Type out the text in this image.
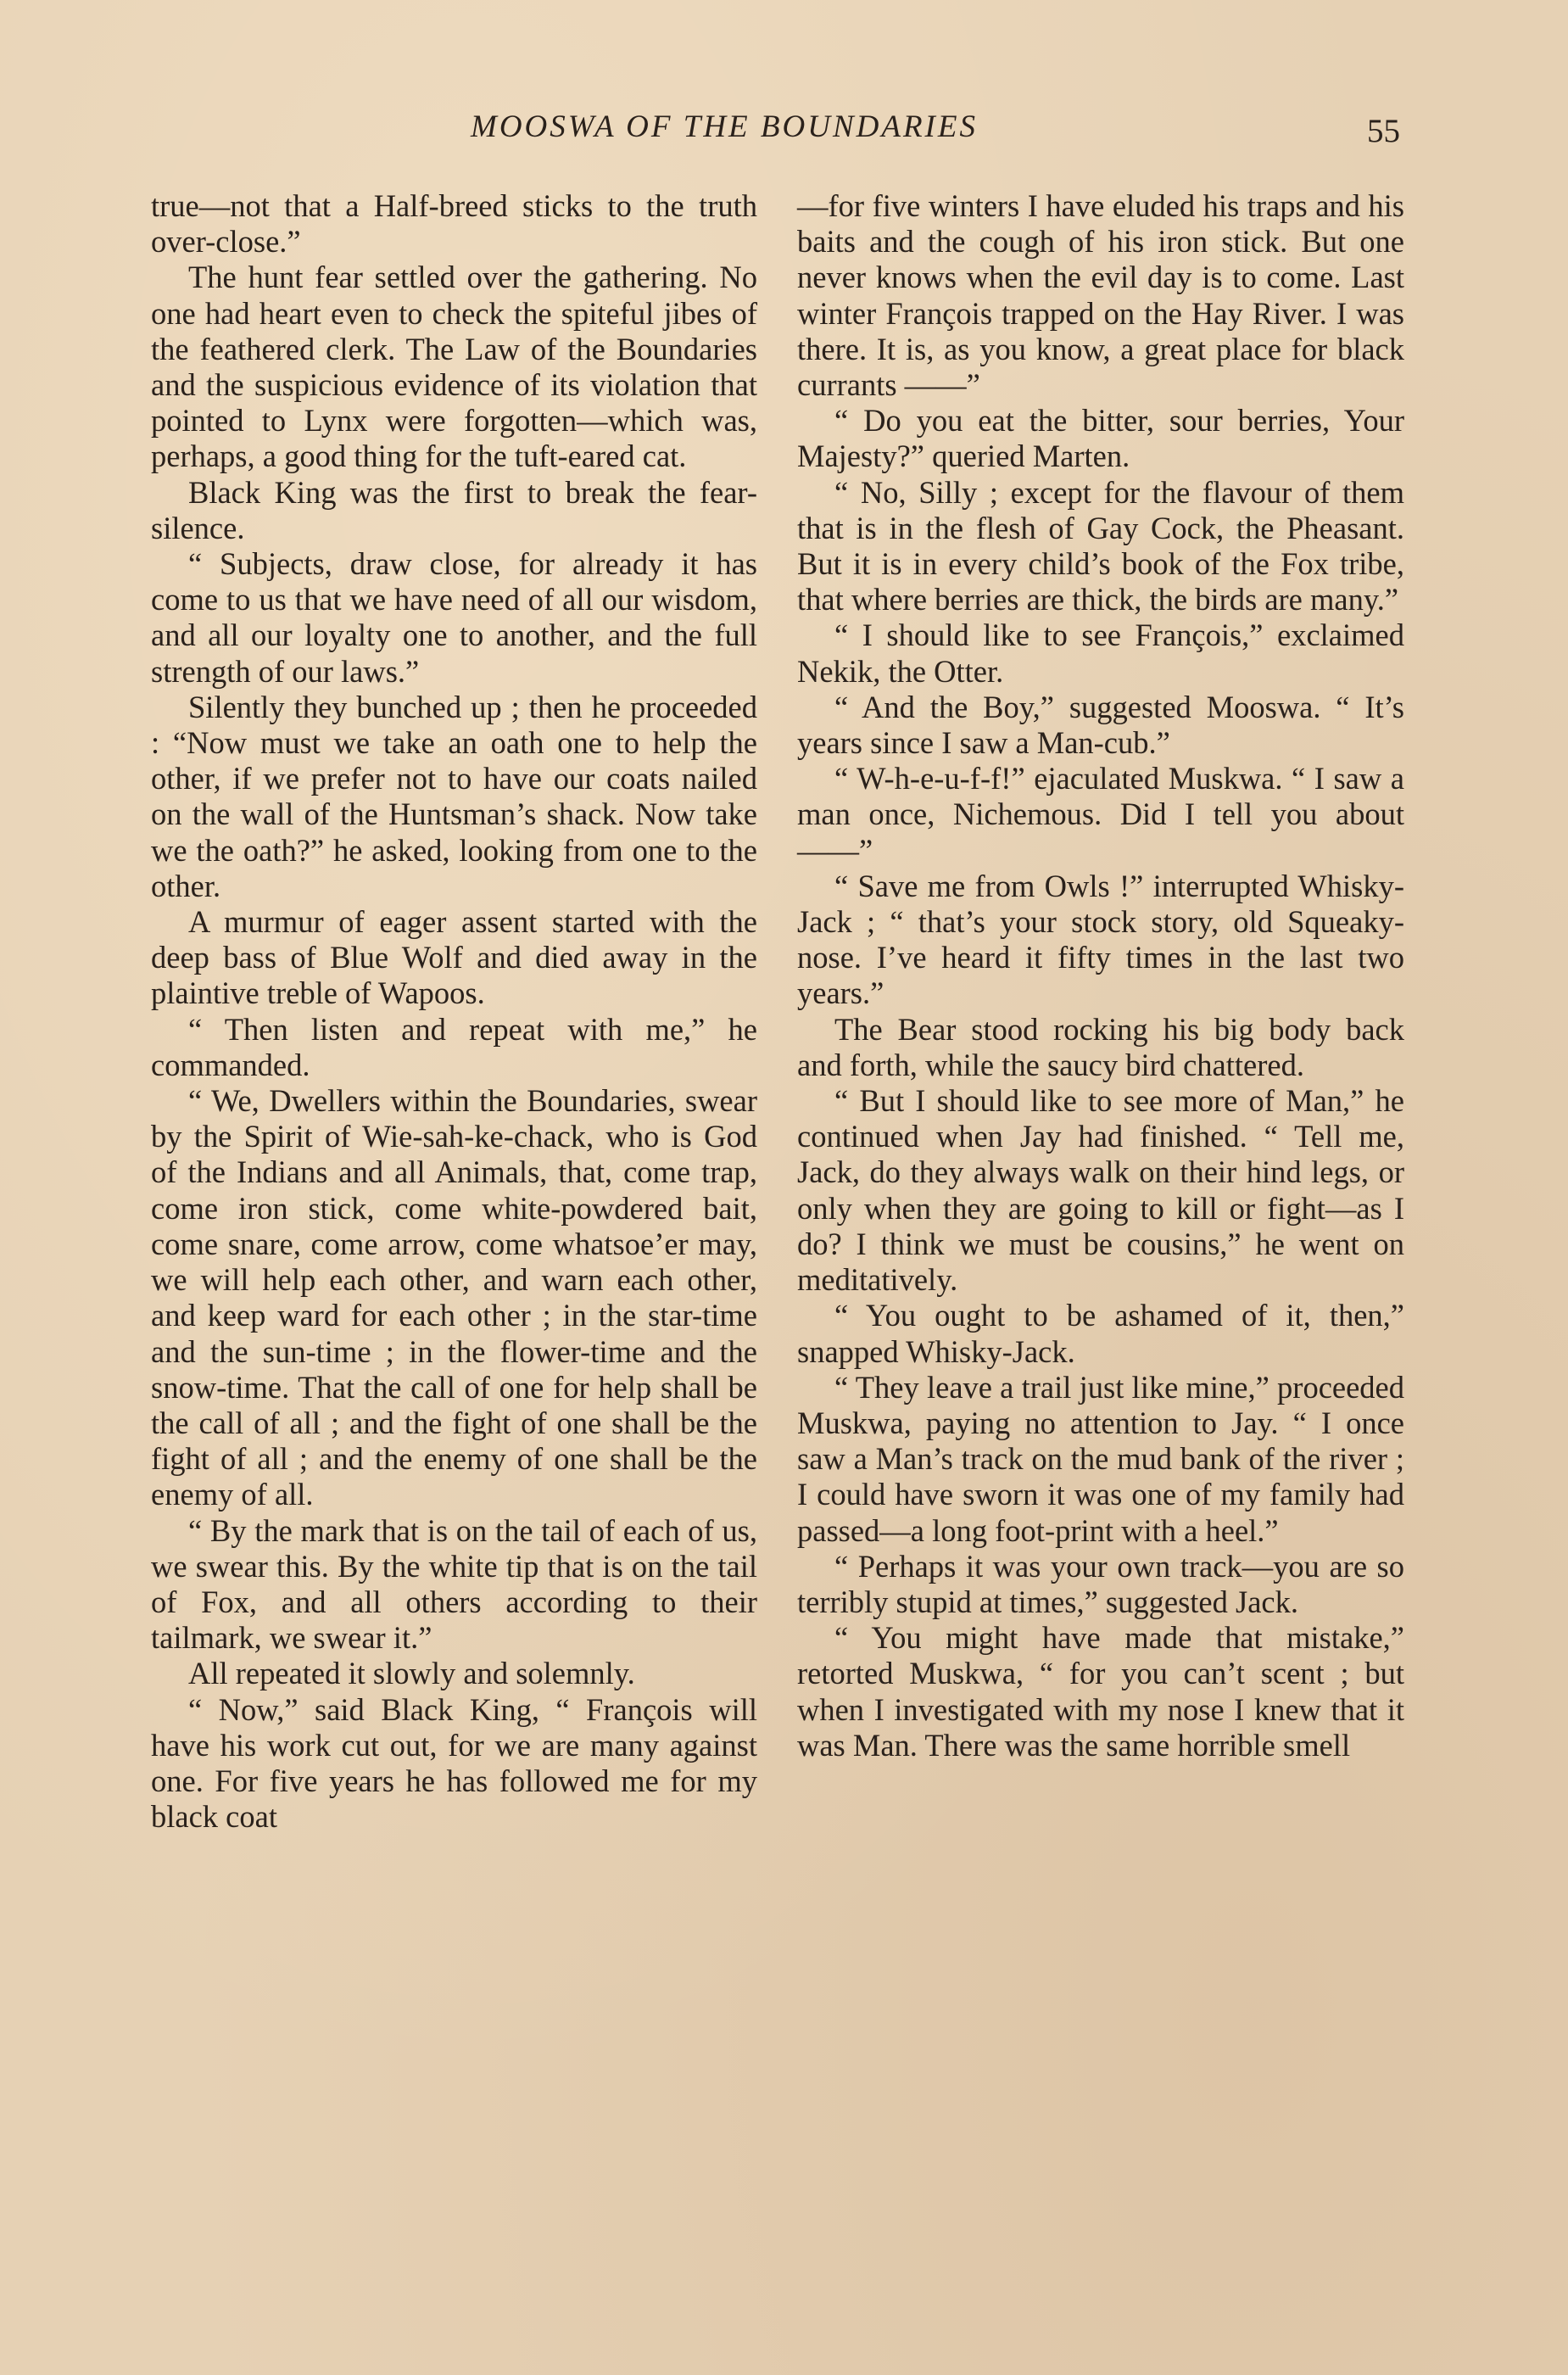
MOOSWA OF THE BOUNDARIES	55

true—not that a Half-breed sticks to the truth over-close.”

The hunt fear settled over the gathering. No one had heart even to check the spiteful jibes of the feathered clerk. The Law of the Boundaries and the suspicious evidence of its violation that pointed to Lynx were forgotten—which was, perhaps, a good thing for the tuft-eared cat.

Black King was the first to break the fear-silence.

“ Subjects, draw close, for already it has come to us that we have need of all our wisdom, and all our loyalty one to another, and the full strength of our laws.”

Silently they bunched up ; then he proceeded : “Now must we take an oath one to help the other, if we prefer not to have our coats nailed on the wall of the Huntsman’s shack. Now take we the oath?” he asked, looking from one to the other.

A murmur of eager assent started with the deep bass of Blue Wolf and died away in the plaintive treble of Wapoos.

“ Then listen and repeat with me,” he commanded.

“ We, Dwellers within the Boundaries, swear by the Spirit of Wie-sah-ke-chack, who is God of the Indians and all Animals, that, come trap, come iron stick, come white-powdered bait, come snare, come arrow, come whatsoe’er may, we will help each other, and warn each other, and keep ward for each other ; in the star-time and the sun-time ; in the flower-time and the snow-time. That the call of one for help shall be the call of all ; and the fight of one shall be the fight of all ; and the enemy of one shall be the enemy of all.

“ By the mark that is on the tail of each of us, we swear this. By the white tip that is on the tail of Fox, and all others according to their tailmark, we swear it.”

All repeated it slowly and solemnly.

“ Now,” said Black King, “ François will have his work cut out, for we are many against one. For five years he has followed me for my black coat

—for five winters I have eluded his traps and his baits and the cough of his iron stick. But one never knows when the evil day is to come. Last winter François trapped on the Hay River. I was there. It is, as you know, a great place for black currants ——”

“ Do you eat the bitter, sour berries, Your Majesty?” queried Marten.

“ No, Silly ; except for the flavour of them that is in the flesh of Gay Cock, the Pheasant. But it is in every child’s book of the Fox tribe, that where berries are thick, the birds are many.”

“ I should like to see François,” exclaimed Nekik, the Otter.

“ And the Boy,” suggested Mooswa. “ It’s years since I saw a Man-cub.”

“ W-h-e-u-f-f!” ejaculated Muskwa. “ I saw a man once, Nichemous. Did I tell you about——”

“ Save me from Owls !” interrupted Whisky-Jack ; “ that’s your stock story, old Squeaky-nose. I’ve heard it fifty times in the last two years.”

The Bear stood rocking his big body back and forth, while the saucy bird chattered.

“ But I should like to see more of Man,” he continued when Jay had finished. “ Tell me, Jack, do they always walk on their hind legs, or only when they are going to kill or fight—as I do? I think we must be cousins,” he went on meditatively.

“ You ought to be ashamed of it, then,” snapped Whisky-Jack.

“ They leave a trail just like mine,” proceeded Muskwa, paying no attention to Jay. “ I once saw a Man’s track on the mud bank of the river ; I could have sworn it was one of my family had passed—a long foot-print with a heel.”

“ Perhaps it was your own track—you are so terribly stupid at times,” suggested Jack.

“ You might have made that mistake,” retorted Muskwa, “ for you can’t scent ; but when I investigated with my nose I knew that it was Man. There was the same horrible smell
